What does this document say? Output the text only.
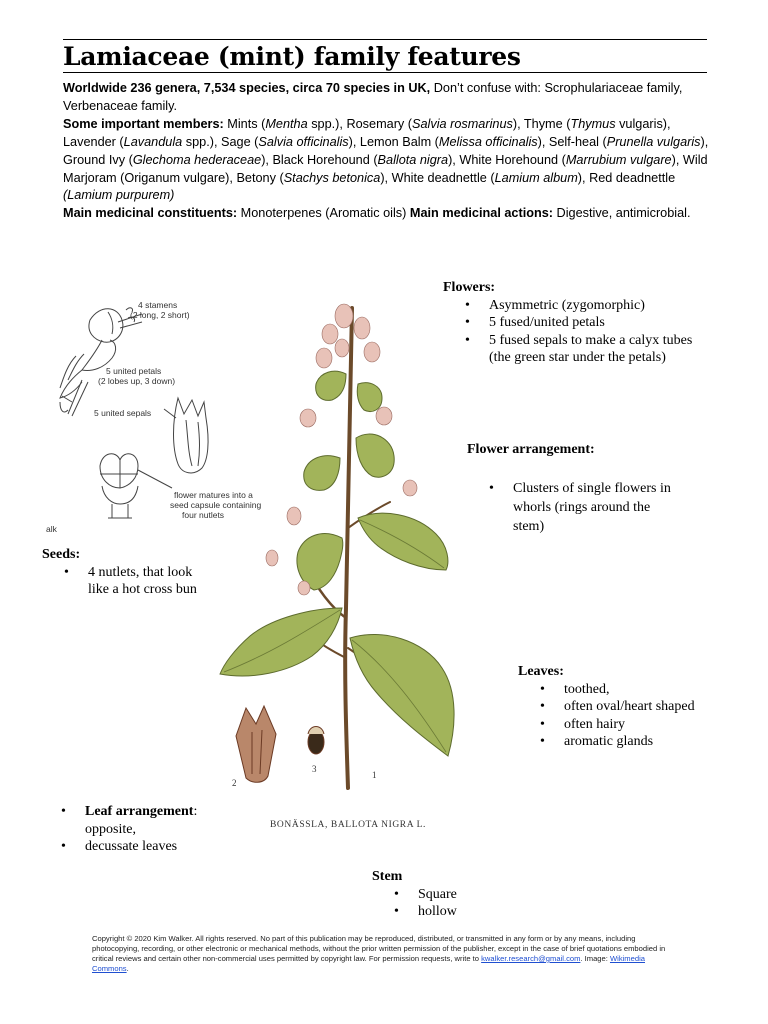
Lamiaceae (mint) family features
Worldwide 236 genera, 7,534 species, circa 70 species in UK, Don’t confuse with: Scrophulariaceae family, Verbenaceae family.
Some important members: Mints (Mentha spp.), Rosemary (Salvia rosmarinus), Thyme (Thymus vulgaris), Lavender (Lavandula spp.), Sage (Salvia officinalis), Lemon Balm (Melissa officinalis), Self-heal (Prunella vulgaris), Ground Ivy (Glechoma hederaceae), Black Horehound (Ballota nigra), White Horehound (Marrubium vulgare), Wild Marjoram (Origanum vulgare), Betony (Stachys betonica), White deadnettle (Lamium album), Red deadnettle (Lamium purpurem)
Main medicinal constituents: Monoterpenes (Aromatic oils) Main medicinal actions: Digestive, antimicrobial.
4 stamens
(2 long, 2 short)
5 united petals
(2 lobes up, 3 down)
5 united sepals
flower matures into a
seed capsule containing
four nutlets
alk
2
3
1
BONÄSSLA, BALLOTA NIGRA L.
Flowers:
• Asymmetric (zygomorphic)
• 5 fused/united petals
• 5 fused sepals to make a calyx tubes (the green star under the petals)
Flower arrangement:
• Clusters of single flowers in whorls (rings around the stem)
Seeds:
• 4 nutlets, that look like a hot cross bun
Leaves:
• toothed,
• often oval/heart shaped
• often hairy
• aromatic glands
• Leaf arrangement:
opposite,
• decussate leaves
Stem
• Square
• hollow
Copyright © 2020 Kim Walker. All rights reserved. No part of this publication may be reproduced, distributed, or transmitted in any form or by any means, including photocopying, recording, or other electronic or mechanical methods, without the prior written permission of the publisher, except in the case of brief quotations embodied in critical reviews and certain other non-commercial uses permitted by copyright law. For permission requests, write to kwalker.research@gmail.com. Image: Wikimedia Commons.
